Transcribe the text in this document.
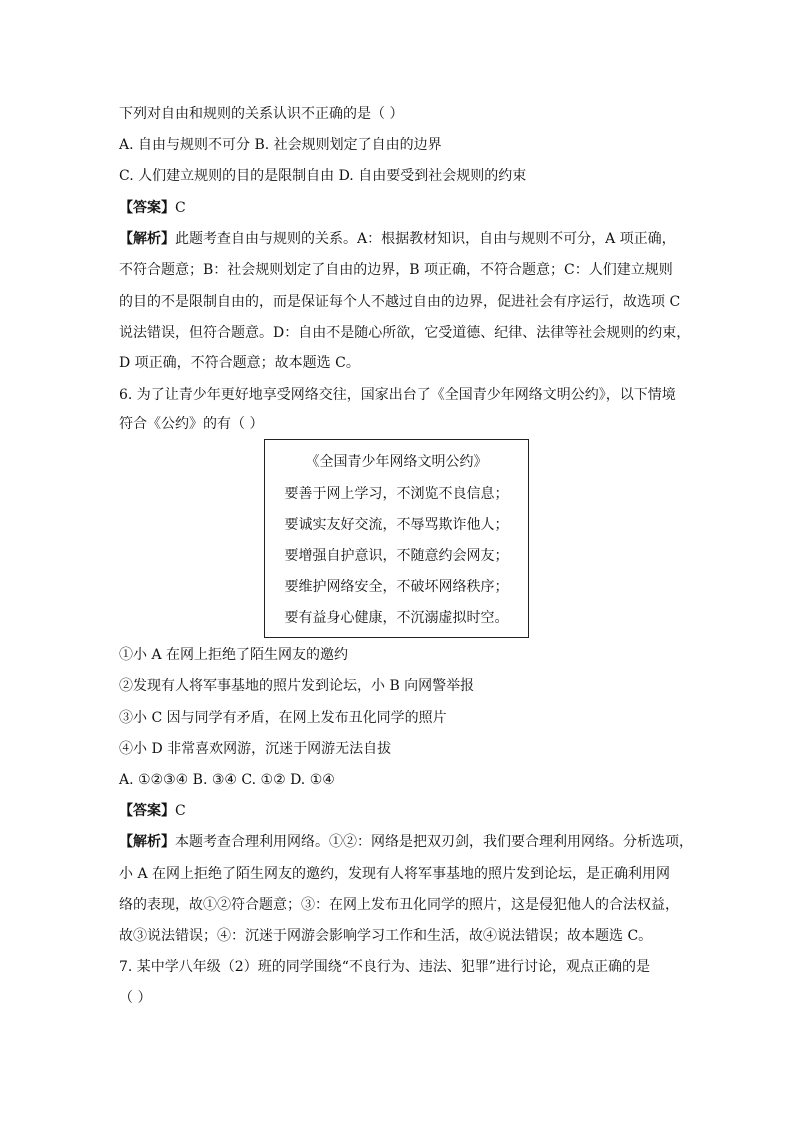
下列对自由和规则的关系认识不正确的是（ ）
A. 自由与规则不可分 B. 社会规则划定了自由的边界
C. 人们建立规则的目的是限制自由 D. 自由要受到社会规则的约束
【答案】C
【解析】此题考查自由与规则的关系。A：根据教材知识，自由与规则不可分，A 项正确，
不符合题意；B：社会规则划定了自由的边界，B 项正确，不符合题意；C：人们建立规则
的目的不是限制自由的，而是保证每个人不越过自由的边界，促进社会有序运行，故选项 C
说法错误，但符合题意。D：自由不是随心所欲，它受道德、纪律、法律等社会规则的约束，
D 项正确，不符合题意；故本题选 C。
6. 为了让青少年更好地享受网络交往，国家出台了《全国青少年网络文明公约》，以下情境
符合《公约》的有（ ）
《全国青少年网络文明公约》
要善于网上学习，不浏览不良信息；
要诚实友好交流，不辱骂欺诈他人；
要增强自护意识，不随意约会网友；
要维护网络安全，不破坏网络秩序；
要有益身心健康，不沉溺虚拟时空。
①小 A 在网上拒绝了陌生网友的邀约
②发现有人将军事基地的照片发到论坛，小 B 向网警举报
③小 C 因与同学有矛盾，在网上发布丑化同学的照片
④小 D 非常喜欢网游，沉迷于网游无法自拔
A. ①②③④ B. ③④ C. ①② D. ①④
【答案】C
【解析】本题考查合理利用网络。①②：网络是把双刃剑，我们要合理利用网络。分析选项，
小 A 在网上拒绝了陌生网友的邀约，发现有人将军事基地的照片发到论坛，是正确利用网
络的表现，故①②符合题意；③：在网上发布丑化同学的照片，这是侵犯他人的合法权益，
故③说法错误；④：沉迷于网游会影响学习工作和生活，故④说法错误；故本题选 C。
7. 某中学八年级（2）班的同学围绕“不良行为、违法、犯罪”进行讨论，观点正确的是
（ ）
